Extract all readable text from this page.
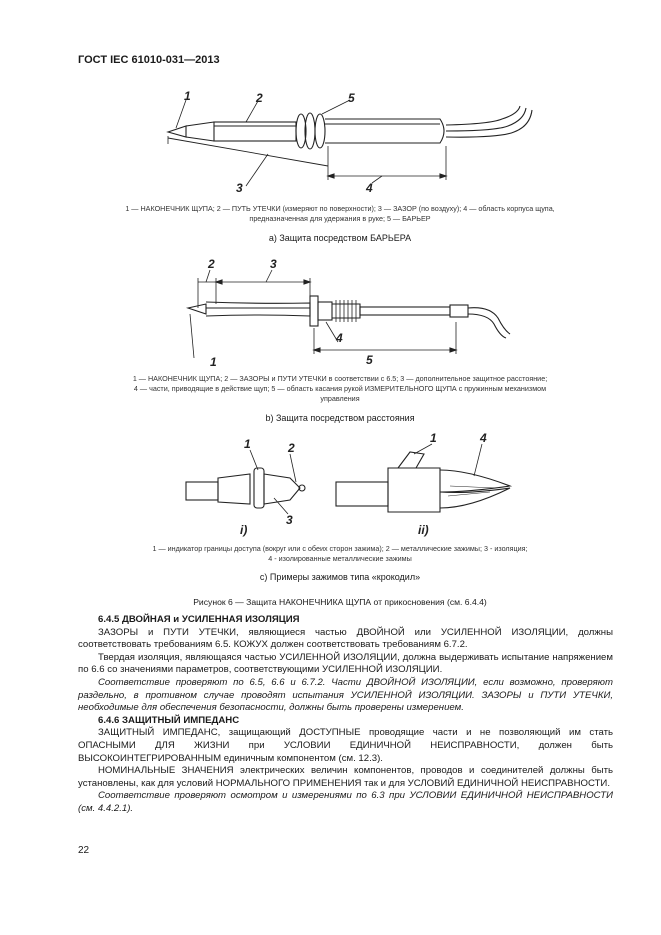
ГОСТ IEC 61010-031—2013
1	2
3	4
5
1 — НАКОНЕЧНИК ЩУПА; 2 — ПУТЬ УТЕЧКИ (измеряют по поверхности); 3 — ЗАЗОР (по воздуху); 4 — область корпуса щупа,
предназначенная для удержания в руке; 5 — БАРЬЕР
а) Защита посредством БАРЬЕРА
1
2	3
4
5
1 — НАКОНЕЧНИК ЩУПА; 2 — ЗАЗОРЫ и ПУТИ УТЕЧКИ в соответствии с 6.5; 3 — дополнительное защитное расстояние;
4 — части, приводящие в действие щуп; 5 — область касания рукой ИЗМЕРИТЕЛЬНОГО ЩУПА с пружинным механизмом
управления
b) Защита посредством расстояния
1	2
3
1	4
i)	ii)
1 — индикатор границы доступа (вокруг или с обеих сторон зажима); 2 — металлические зажимы; 3 - изоляция;
4 - изолированные металлические зажимы
с) Примеры зажимов типа «крокодил»
Рисунок 6 — Защита НАКОНЕЧНИКА ЩУПА от прикосновения (см. 6.4.4)

6.4.5 ДВОЙНАЯ и УСИЛЕННАЯ ИЗОЛЯЦИЯ

ЗАЗОРЫ и ПУТИ УТЕЧКИ, являющиеся частью ДВОЙНОЙ или УСИЛЕННОЙ ИЗОЛЯЦИИ, должны соответствовать требованиям 6.5. КОЖУХ должен соответствовать требованиям 6.7.2.

Твердая изоляция, являющаяся частью УСИЛЕННОЙ ИЗОЛЯЦИИ, должна выдерживать испытание напряжением по 6.6 со значениями параметров, соответствующими УСИЛЕННОЙ ИЗОЛЯЦИИ.

Соответствие проверяют по 6.5, 6.6 и 6.7.2. Части ДВОЙНОЙ ИЗОЛЯЦИИ, если возможно, проверяют раздельно, в противном случае проводят испытания УСИЛЕННОЙ ИЗОЛЯЦИИ. ЗАЗОРЫ и ПУТИ УТЕЧКИ, необходимые для обеспечения безопасности, должны быть проверены измерением.

6.4.6 ЗАЩИТНЫЙ ИМПЕДАНС

ЗАЩИТНЫЙ ИМПЕДАНС, защищающий ДОСТУПНЫЕ проводящие части и не позволяющий им стать ОПАСНЫМИ ДЛЯ ЖИЗНИ при УСЛОВИИ ЕДИНИЧНОЙ НЕИСПРАВНОСТИ, должен быть ВЫСОКОИНТЕГРИРОВАННЫМ единичным компонентом (см. 12.3).

НОМИНАЛЬНЫЕ ЗНАЧЕНИЯ электрических величин компонентов, проводов и соединителей должны быть установлены, как для условий НОРМАЛЬНОГО ПРИМЕНЕНИЯ так и для УСЛОВИЙ ЕДИНИЧНОЙ НЕИСПРАВНОСТИ.

Соответствие проверяют осмотром и измерениями по 6.3 при УСЛОВИИ ЕДИНИЧНОЙ НЕИСПРАВНОСТИ (см. 4.4.2.1).

22
